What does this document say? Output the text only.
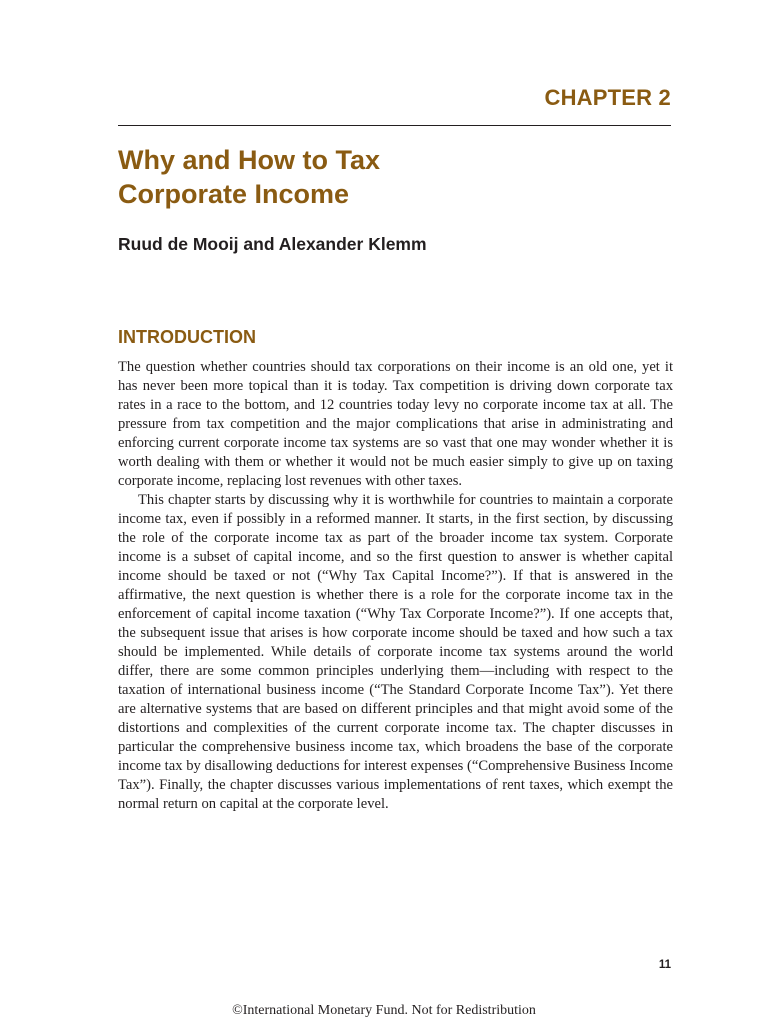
CHAPTER 2

Why and How to Tax
Corporate Income

Ruud de Mooij and Alexander Klemm

INTRODUCTION

The question whether countries should tax corporations on their income is an old one, yet it has never been more topical than it is today. Tax competition is driving down corporate tax rates in a race to the bottom, and 12 countries today levy no corporate income tax at all. The pressure from tax competition and the major complications that arise in administrating and enforcing current corporate income tax systems are so vast that one may wonder whether it is worth dealing with them or whether it would not be much easier simply to give up on taxing corporate income, replacing lost revenues with other taxes.

This chapter starts by discussing why it is worthwhile for countries to maintain a corporate income tax, even if possibly in a reformed manner. It starts, in the first section, by discussing the role of the corporate income tax as part of the broader income tax system. Corporate income is a subset of capital income, and so the first question to answer is whether capital income should be taxed or not (“Why Tax Capital Income?”). If that is answered in the affirmative, the next question is whether there is a role for the corporate income tax in the enforcement of capital income taxation (“Why Tax Corporate Income?”). If one accepts that, the subsequent issue that arises is how corporate income should be taxed and how such a tax should be implemented. While details of corporate income tax systems around the world differ, there are some common principles underlying them—including with respect to the taxation of international business income (“The Standard Corporate Income Tax”). Yet there are alternative systems that are based on different principles and that might avoid some of the distortions and complexities of the current corporate income tax. The chapter discusses in particular the comprehensive business income tax, which broadens the base of the corporate income tax by disallowing deductions for interest expenses (“Comprehensive Business Income Tax”). Finally, the chapter discusses various implementations of rent taxes, which exempt the normal return on capital at the corporate level.

11

©International Monetary Fund. Not for Redistribution
